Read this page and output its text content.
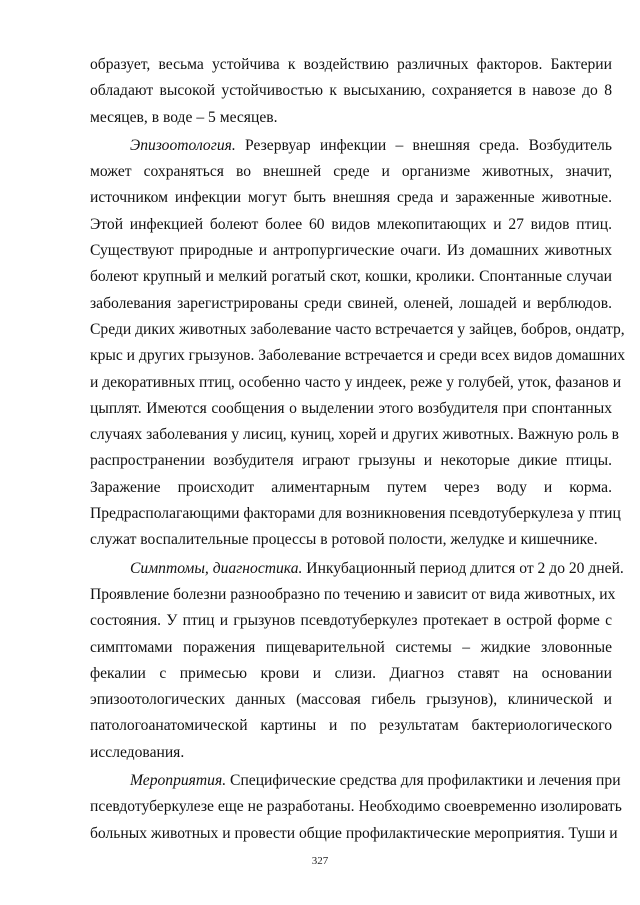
образует, весьма устойчива к воздействию различных факторов. Бактерии
обладают высокой устойчивостью к высыханию, сохраняется в навозе до 8
месяцев, в воде – 5 месяцев.
Эпизоотология. Резервуар инфекции – внешняя среда. Возбудитель
может сохраняться во внешней среде и организме животных, значит,
источником инфекции могут быть внешняя среда и зараженные животные.
Этой инфекцией болеют более 60 видов млекопитающих и 27 видов птиц.
Существуют природные и антропургические очаги. Из домашних животных
болеют крупный и мелкий рогатый скот, кошки, кролики. Спонтанные случаи
заболевания зарегистрированы среди свиней, оленей, лошадей и верблюдов.
Среди диких животных заболевание часто встречается у зайцев, бобров, ондатр,
крыс и других грызунов. Заболевание встречается и среди всех видов домашних
и декоративных птиц, особенно часто у индеек, реже у голубей, уток, фазанов и
цыплят. Имеются сообщения о выделении этого возбудителя при спонтанных
случаях заболевания у лисиц, куниц, хорей и других животных. Важную роль в
распространении возбудителя играют грызуны и некоторые дикие птицы.
Заражение происходит алиментарным путем через воду и корма.
Предрасполагающими факторами для возникновения псевдотуберкулеза у птиц
служат воспалительные процессы в ротовой полости, желудке и кишечнике.
Симптомы, диагностика. Инкубационный период длится от 2 до 20 дней.
Проявление болезни разнообразно по течению и зависит от вида животных, их
состояния. У птиц и грызунов псевдотуберкулез протекает в острой форме с
симптомами поражения пищеварительной системы – жидкие зловонные
фекалии с примесью крови и слизи. Диагноз ставят на основании
эпизоотологических данных (массовая гибель грызунов), клинической и
патологоанатомической картины и по результатам бактериологического
исследования.
Мероприятия. Специфические средства для профилактики и лечения при
псевдотуберкулезе еще не разработаны. Необходимо своевременно изолировать
больных животных и провести общие профилактические мероприятия. Туши и
327
